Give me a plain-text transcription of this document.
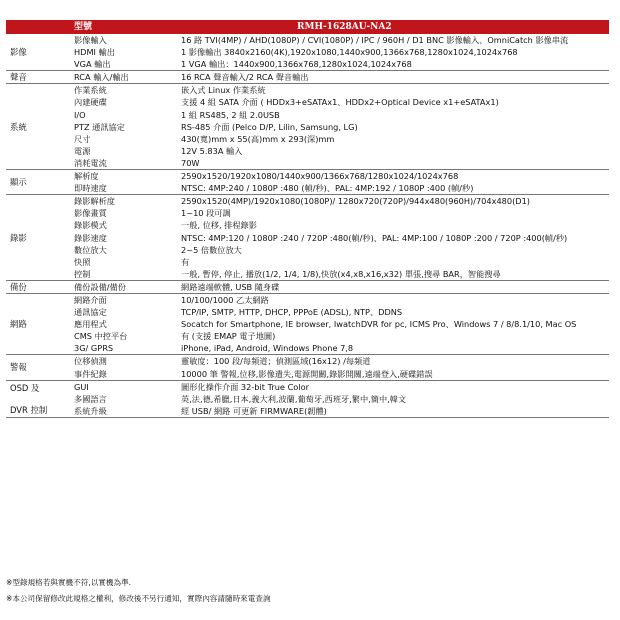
	型號	RMH-1628AU-NA2
影像	影像輸入	16 路 TVI(4MP) / AHD(1080P) / CVI(1080P) / IPC / 960H / D1 BNC 影像輸入、OmniCatch 影像串流
	HDMI 輸出	1 影像輸出 3840x2160(4K),1920x1080,1440x900,1366x768,1280x1024,1024x768
	VGA 輸出	1 VGA 輸出：1440x900,1366x768,1280x1024,1024x768
聲音	RCA 輸入/輸出	16 RCA 聲音輸入/2 RCA 聲音輸出
系統	作業系統	嵌入式 Linux 作業系統
	內建硬碟	支援 4 組 SATA 介面 ( HDDx3+eSATAx1、HDDx2+Optical Device x1+eSATAx1)
	I/O	1 組 RS485, 2 組 2.0USB
	PTZ 通訊協定	RS-485 介面 (Pelco D/P, Lilin, Samsung, LG)
	尺寸	430(寬)mm x 55(高)mm x 293(深)mm
	電源	12V 5.83A 輸入
	消耗電流	70W
顯示	解析度	2590x1520/1920x1080/1440x900/1366x768/1280x1024/1024x768
	即時速度	NTSC: 4MP:240 / 1080P :480 (幀/秒)、PAL: 4MP:192 / 1080P :400 (幀/秒)
錄影	錄影解析度	2590x1520(4MP)/1920x1080(1080P)/ 1280x720(720P)/944x480(960H)/704x480(D1)
	影像畫質	1~10 段可調
	錄影模式	一般, 位移, 排程錄影
	錄影速度	NTSC: 4MP:120 / 1080P :240 / 720P :480(幀/秒)、PAL: 4MP:100 / 1080P :200 / 720P :400(幀/秒)
	數位放大	2~5 倍數位放大
	快照	有
	控制	一般, 暫停, 停止, 播放(1/2, 1/4, 1/8),快放(x4,x8,x16,x32) 單張,搜尋 BAR，智能搜尋
備份	備份設備/備份	網路遠端軟體, USB 隨身碟
網路	網路介面	10/100/1000 乙太網路
	通訊協定	TCP/IP, SMTP, HTTP, DHCP, PPPoE (ADSL), NTP、DDNS
	應用程式	Socatch for Smartphone, IE browser, IwatchDVR for pc, ICMS Pro、Windows 7 / 8/8.1/10, Mac OS
	CMS 中控平台	有 (支援 EMAP 電子地圖)
	3G/ GPRS	iPhone, iPad, Android, Windows Phone 7,8
警報	位移偵測	靈敏度：100 段/每頻道；偵測區域(16x12) /每頻道
	事件紀錄	10000 筆 警報,位移,影像遺失,電源開關,錄影開關,遠端登入,硬碟錯誤
OSD 及
DVR 控制	GUI	圖形化操作介面 32-bit True Color
	多國語言	英,法,德,希臘,日本,義大利,波蘭,葡萄牙,西班牙,繁中,簡中,韓文
	系統升級	經 USB/ 網路 可更新 FIRMWARE(韌體)
※型錄規格若與實機不符,以實機為準.
※本公司保留修改此規格之權利，修改後不另行通知，實際內容請隨時來電查詢
